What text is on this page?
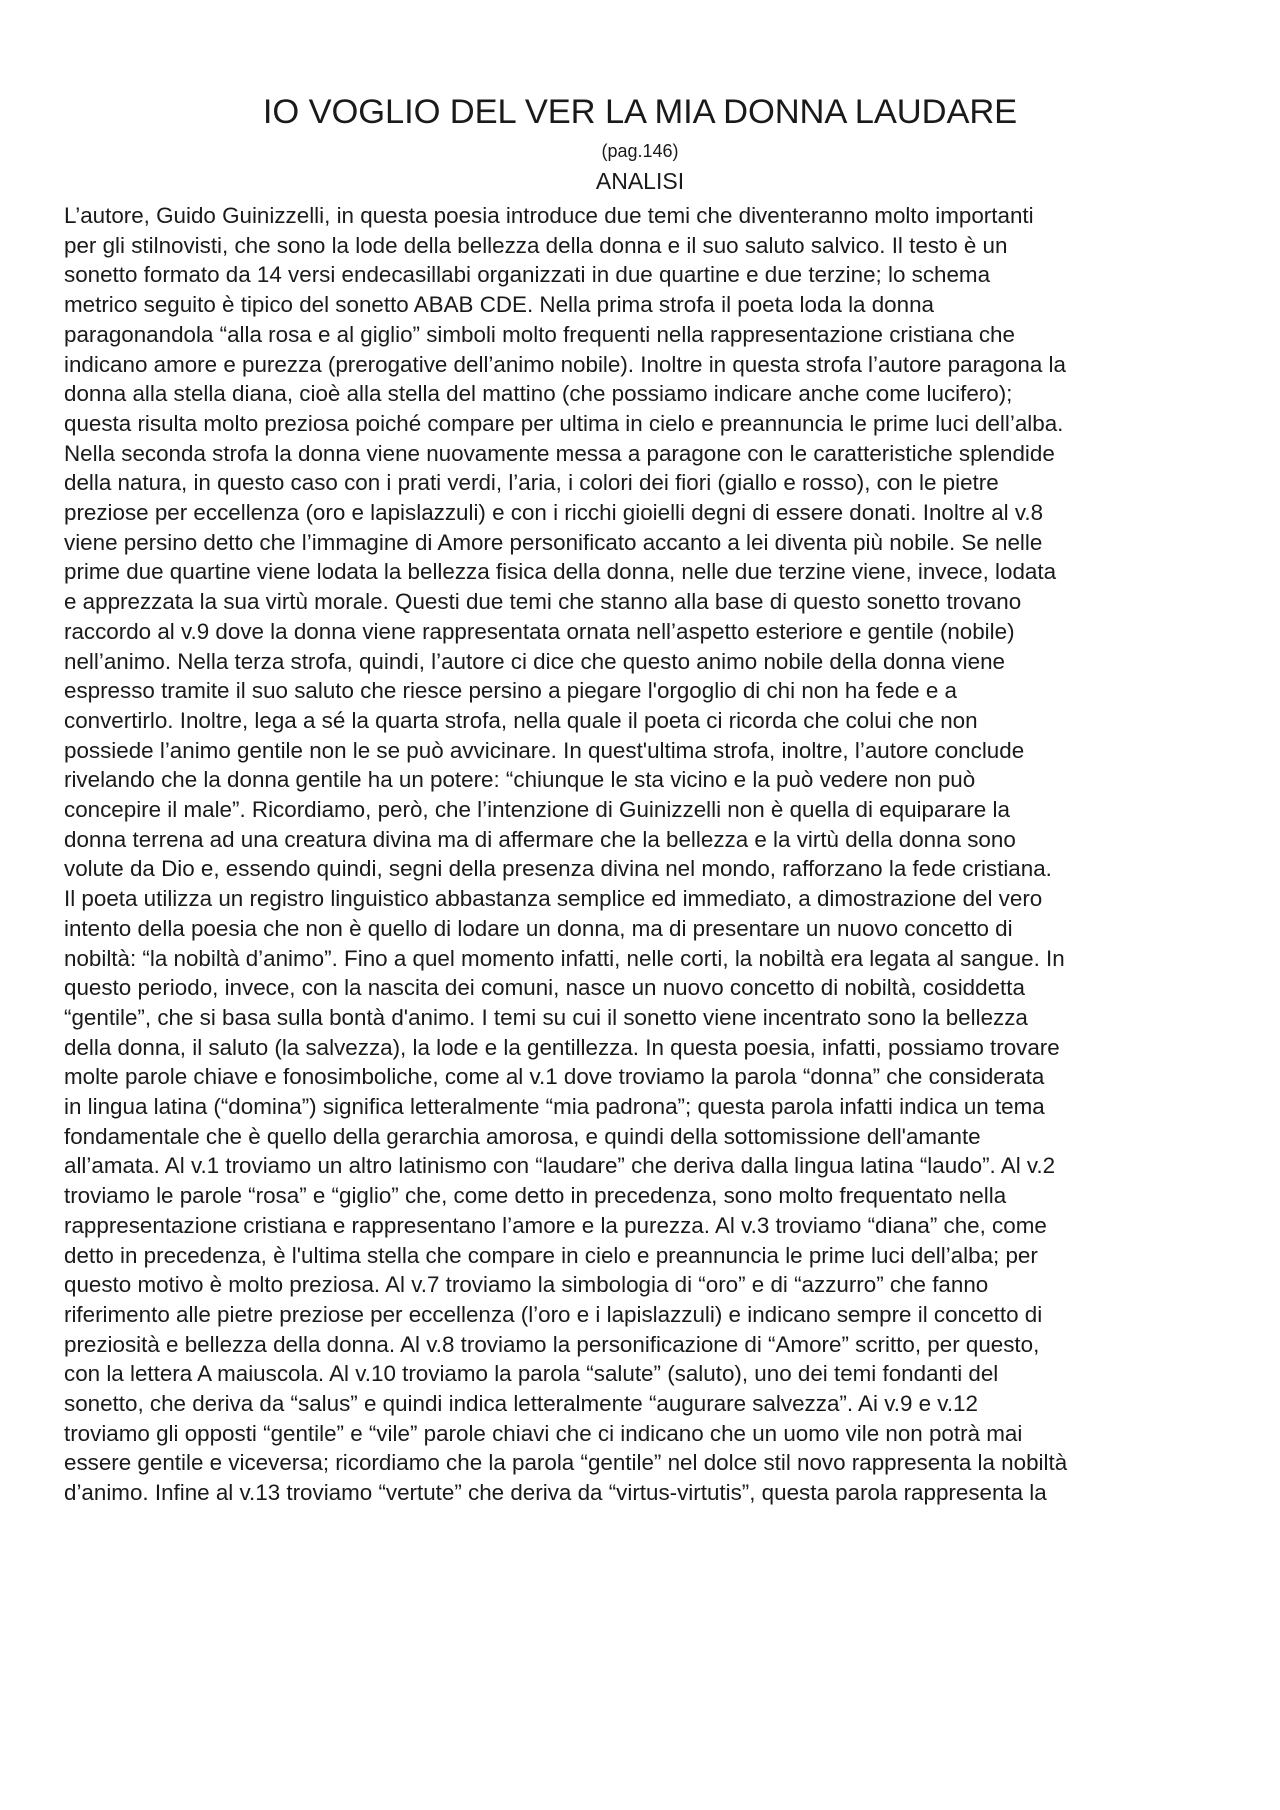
IO VOGLIO DEL VER LA MIA DONNA LAUDARE
(pag.146)
ANALISI
L’autore, Guido Guinizzelli, in questa poesia introduce due temi che diventeranno molto importanti
per gli stilnovisti, che sono la lode della bellezza della donna e il suo saluto salvico. Il testo è un
sonetto formato da 14 versi endecasillabi organizzati in due quartine e due terzine; lo schema
metrico seguito è tipico del sonetto ABAB CDE. Nella prima strofa il poeta loda la donna
paragonandola “alla rosa e al giglio” simboli molto frequenti nella rappresentazione cristiana che
indicano amore e purezza (prerogative dell’animo nobile). Inoltre in questa strofa l’autore paragona la
donna alla stella diana, cioè alla stella del mattino (che possiamo indicare anche come lucifero);
questa risulta molto preziosa poiché compare per ultima in cielo e preannuncia le prime luci dell’alba.
Nella seconda strofa la donna viene nuovamente messa a paragone con le caratteristiche splendide
della natura, in questo caso con i prati verdi, l’aria, i colori dei fiori (giallo e rosso), con le pietre
preziose per eccellenza (oro e lapislazzuli) e con i ricchi gioielli degni di essere donati. Inoltre al v.8
viene persino detto che l’immagine di Amore personificato accanto a lei diventa più nobile. Se nelle
prime due quartine viene lodata la bellezza fisica della donna, nelle due terzine viene, invece, lodata
e apprezzata la sua virtù morale. Questi due temi che stanno alla base di questo sonetto trovano
raccordo al v.9 dove la donna viene rappresentata ornata nell’aspetto esteriore e gentile (nobile)
nell’animo. Nella terza strofa, quindi, l’autore ci dice che questo animo nobile della donna viene
espresso tramite il suo saluto che riesce persino a piegare l'orgoglio di chi non ha fede e a
convertirlo. Inoltre, lega a sé la quarta strofa, nella quale il poeta ci ricorda che colui che non
possiede l’animo gentile non le se può avvicinare. In quest'ultima strofa, inoltre, l’autore conclude
rivelando che la donna gentile ha un potere: “chiunque le sta vicino e la può vedere non può
concepire il male”. Ricordiamo, però, che l’intenzione di Guinizzelli non è quella di equiparare la
donna terrena ad una creatura divina ma di affermare che la bellezza e la virtù della donna sono
volute da Dio e, essendo quindi, segni della presenza divina nel mondo, rafforzano la fede cristiana.
Il poeta utilizza un registro linguistico abbastanza semplice ed immediato, a dimostrazione del vero
intento della poesia che non è quello di lodare un donna, ma di presentare un nuovo concetto di
nobiltà: “la nobiltà d’animo”. Fino a quel momento infatti, nelle corti, la nobiltà era legata al sangue. In
questo periodo, invece, con la nascita dei comuni, nasce un nuovo concetto di nobiltà, cosiddetta
“gentile”, che si basa sulla bontà d'animo. I temi su cui il sonetto viene incentrato sono la bellezza
della donna, il saluto (la salvezza), la lode e la gentillezza. In questa poesia, infatti, possiamo trovare
molte parole chiave e fonosimboliche, come al v.1 dove troviamo la parola “donna” che considerata
in lingua latina (“domina”) significa letteralmente “mia padrona”; questa parola infatti indica un tema
fondamentale che è quello della gerarchia amorosa, e quindi della sottomissione dell'amante
all’amata. Al v.1 troviamo un altro latinismo con “laudare” che deriva dalla lingua latina “laudo”. Al v.2
troviamo le parole “rosa” e “giglio” che, come detto in precedenza, sono molto frequentato nella
rappresentazione cristiana e rappresentano l’amore e la purezza. Al v.3 troviamo “diana” che, come
detto in precedenza, è l'ultima stella che compare in cielo e preannuncia le prime luci dell’alba; per
questo motivo è molto preziosa. Al v.7 troviamo la simbologia di “oro” e di “azzurro” che fanno
riferimento alle pietre preziose per eccellenza (l’oro e i lapislazzuli) e indicano sempre il concetto di
preziosità e bellezza della donna. Al v.8 troviamo la personificazione di “Amore” scritto, per questo,
con la lettera A maiuscola. Al v.10 troviamo la parola “salute” (saluto), uno dei temi fondanti del
sonetto, che deriva da “salus” e quindi indica letteralmente “augurare salvezza”. Ai v.9 e v.12
troviamo gli opposti “gentile” e “vile” parole chiavi che ci indicano che un uomo vile non potrà mai
essere gentile e viceversa; ricordiamo che la parola “gentile” nel dolce stil novo rappresenta la nobiltà
d’animo. Infine al v.13 troviamo “vertute” che deriva da “virtus-virtutis”, questa parola rappresenta la
